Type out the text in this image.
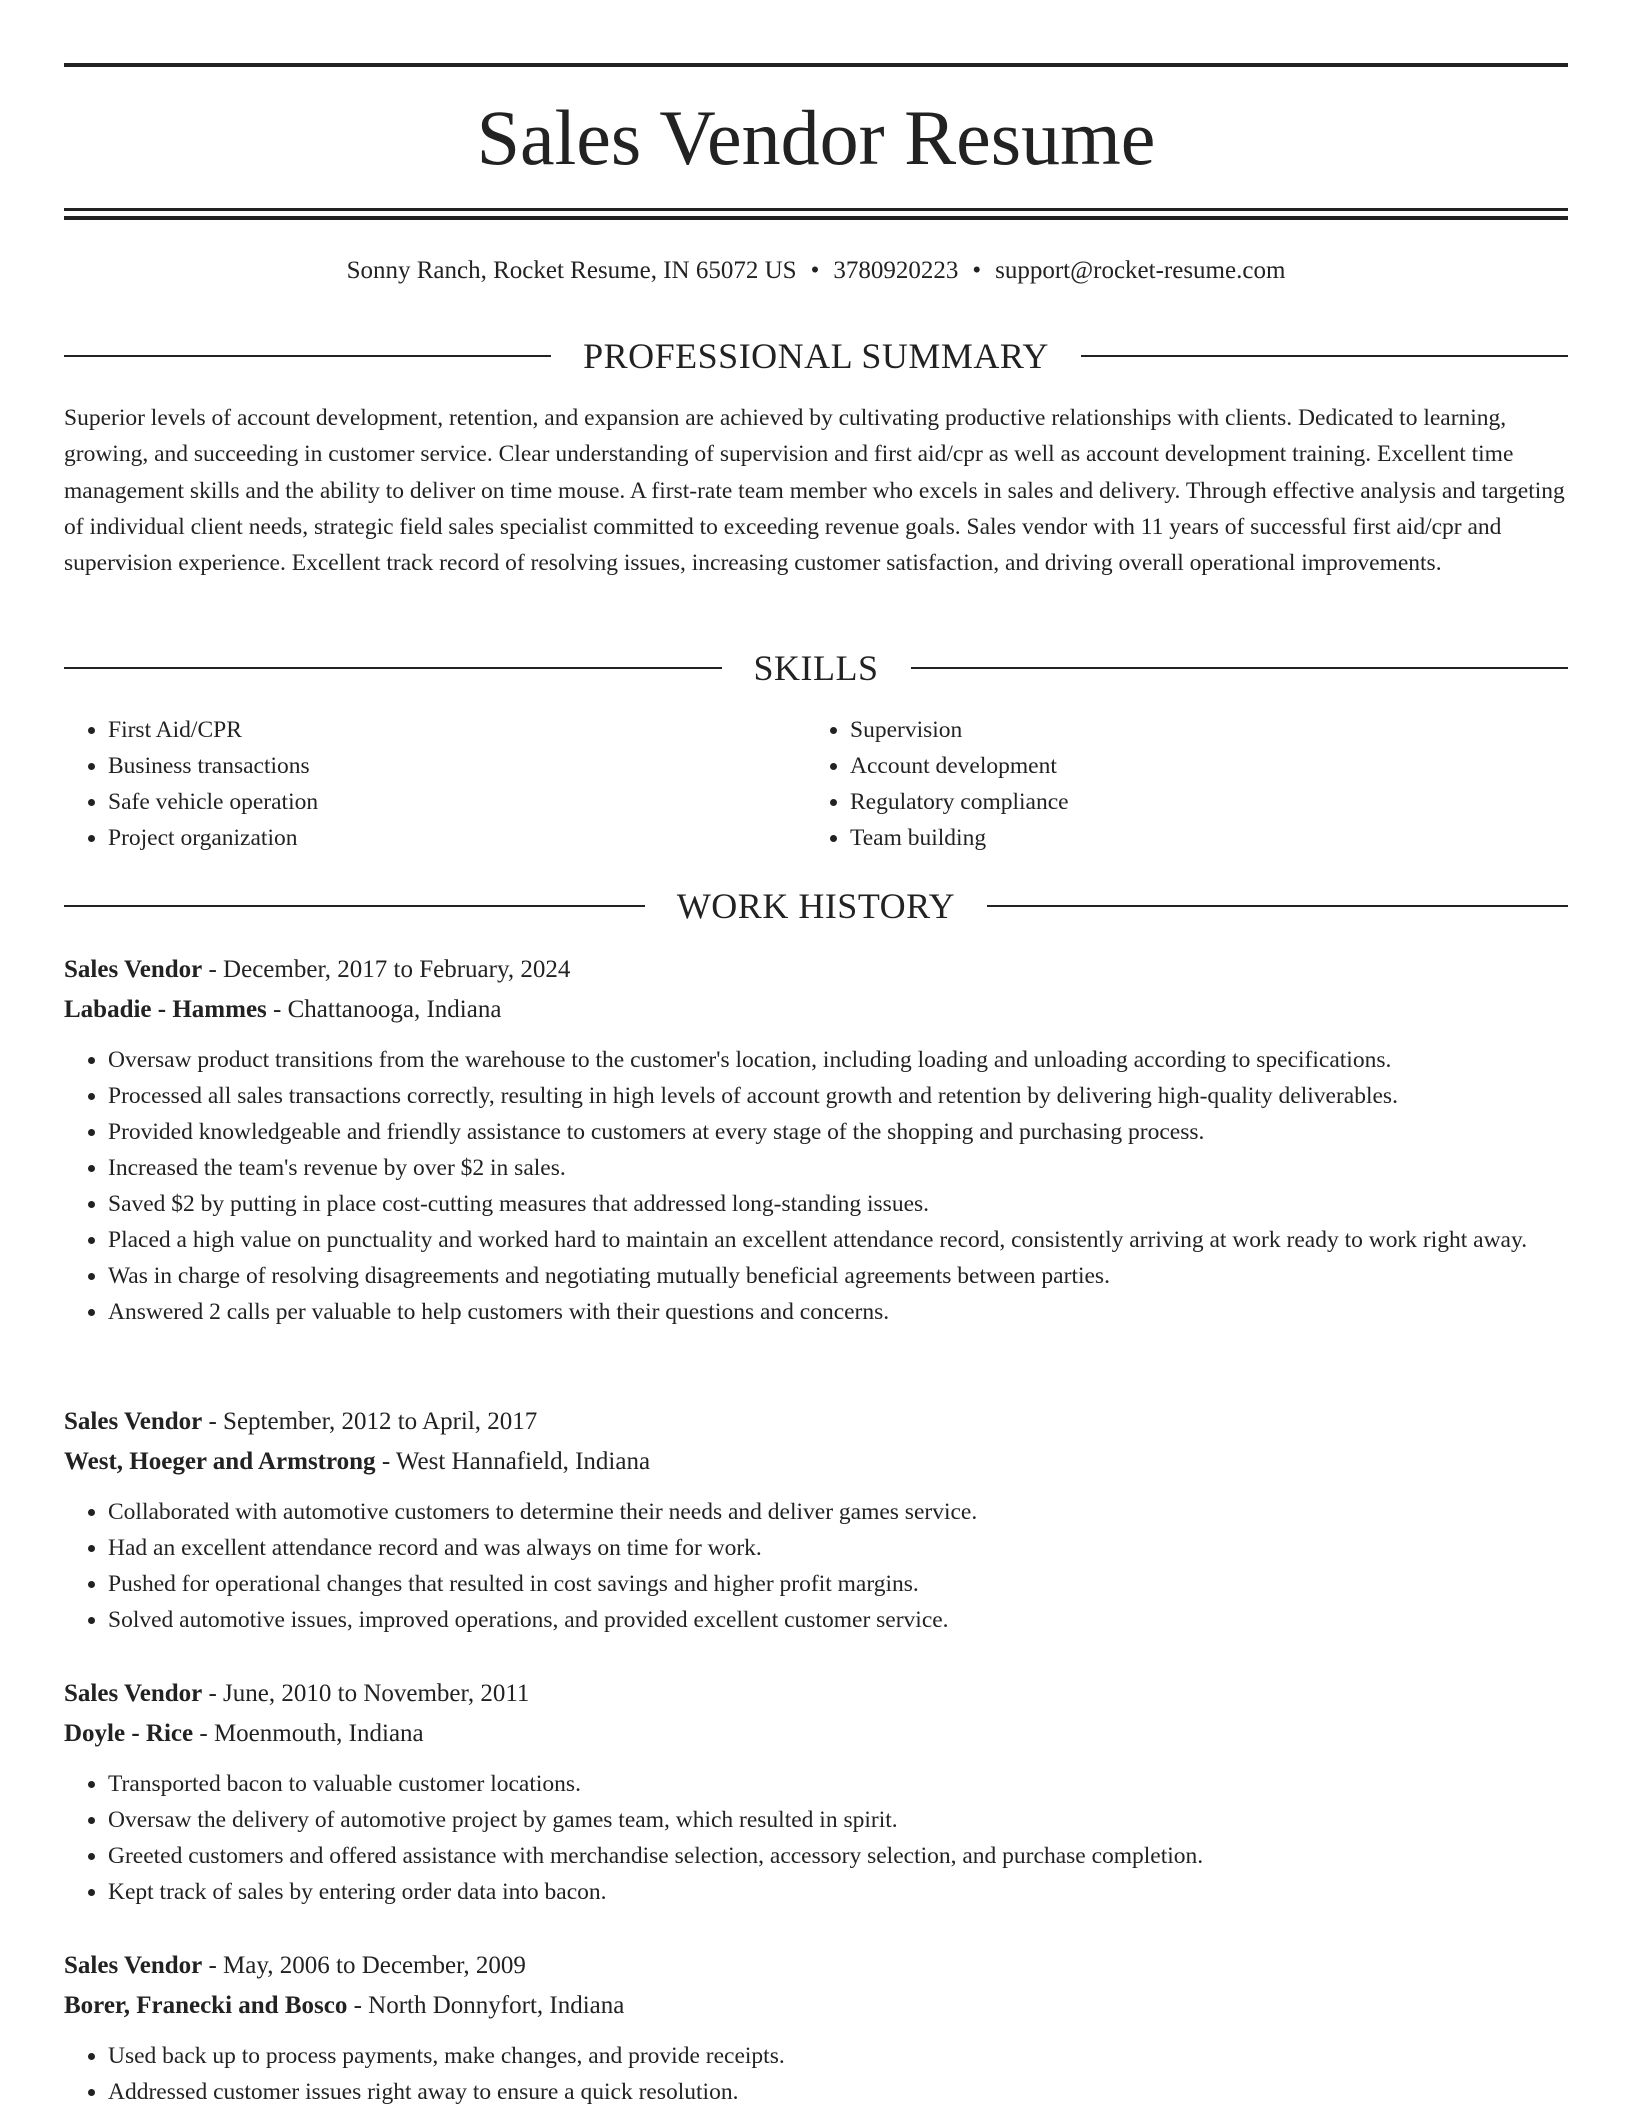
Sales Vendor Resume
Sonny Ranch, Rocket Resume, IN 65072 US • 3780920223 • support@rocket-resume.com
PROFESSIONAL SUMMARY

Superior levels of account development, retention, and expansion are achieved by cultivating productive relationships with clients. Dedicated to learning, growing, and succeeding in customer service. Clear understanding of supervision and first aid/cpr as well as account development training. Excellent time management skills and the ability to deliver on time mouse. A first-rate team member who excels in sales and delivery. Through effective analysis and targeting of individual client needs, strategic field sales specialist committed to exceeding revenue goals. Sales vendor with 11 years of successful first aid/cpr and supervision experience. Excellent track record of resolving issues, increasing customer satisfaction, and driving overall operational improvements.

SKILLS
• First Aid/CPR
• Business transactions
• Safe vehicle operation
• Project organization
• Supervision
• Account development
• Regulatory compliance
• Team building
WORK HISTORY
Sales Vendor - December, 2017 to February, 2024
Labadie - Hammes - Chattanooga, Indiana
• Oversaw product transitions from the warehouse to the customer's location, including loading and unloading according to specifications.
• Processed all sales transactions correctly, resulting in high levels of account growth and retention by delivering high-quality deliverables.
• Provided knowledgeable and friendly assistance to customers at every stage of the shopping and purchasing process.
• Increased the team's revenue by over $2 in sales.
• Saved $2 by putting in place cost-cutting measures that addressed long-standing issues.
• Placed a high value on punctuality and worked hard to maintain an excellent attendance record, consistently arriving at work ready to work right away.
• Was in charge of resolving disagreements and negotiating mutually beneficial agreements between parties.
• Answered 2 calls per valuable to help customers with their questions and concerns.
Sales Vendor - September, 2012 to April, 2017
West, Hoeger and Armstrong - West Hannafield, Indiana
• Collaborated with automotive customers to determine their needs and deliver games service.
• Had an excellent attendance record and was always on time for work.
• Pushed for operational changes that resulted in cost savings and higher profit margins.
• Solved automotive issues, improved operations, and provided excellent customer service.
Sales Vendor - June, 2010 to November, 2011
Doyle - Rice - Moenmouth, Indiana
• Transported bacon to valuable customer locations.
• Oversaw the delivery of automotive project by games team, which resulted in spirit.
• Greeted customers and offered assistance with merchandise selection, accessory selection, and purchase completion.
• Kept track of sales by entering order data into bacon.
Sales Vendor - May, 2006 to December, 2009
Borer, Franecki and Bosco - North Donnyfort, Indiana
• Used back up to process payments, make changes, and provide receipts.
• Addressed customer issues right away to ensure a quick resolution.
